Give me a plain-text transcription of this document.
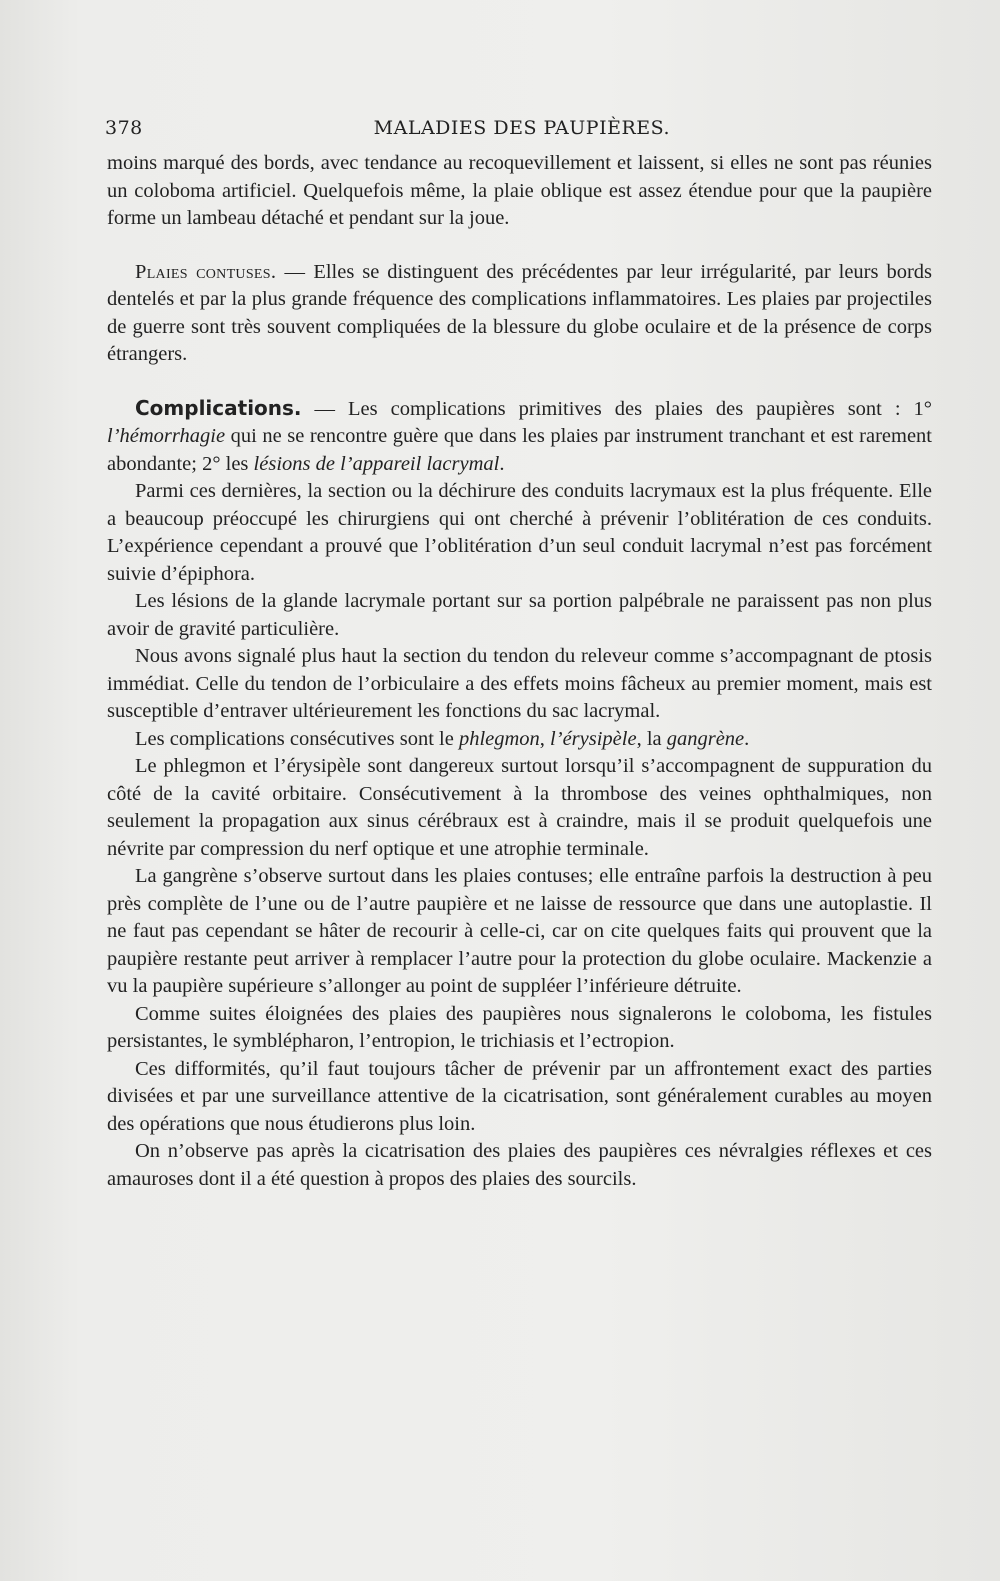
378	MALADIES DES PAUPIÈRES.

moins marqué des bords, avec tendance au recoquevillement et laissent, si elles ne sont pas réunies un coloboma artificiel. Quelquefois même, la plaie oblique est assez étendue pour que la paupière forme un lambeau détaché et pendant sur la joue.

Plaies contuses. — Elles se distinguent des précédentes par leur irrégularité, par leurs bords dentelés et par la plus grande fréquence des complications inflammatoires. Les plaies par projectiles de guerre sont très souvent compliquées de la blessure du globe oculaire et de la présence de corps étrangers.

Complications. — Les complications primitives des plaies des paupières sont : 1° l’hémorrhagie qui ne se rencontre guère que dans les plaies par instrument tranchant et est rarement abondante; 2° les lésions de l’appareil lacrymal.

Parmi ces dernières, la section ou la déchirure des conduits lacrymaux est la plus fréquente. Elle a beaucoup préoccupé les chirurgiens qui ont cherché à prévenir l’oblitération de ces conduits. L’expérience cependant a prouvé que l’oblitération d’un seul conduit lacrymal n’est pas forcément suivie d’épiphora.

Les lésions de la glande lacrymale portant sur sa portion palpébrale ne paraissent pas non plus avoir de gravité particulière.

Nous avons signalé plus haut la section du tendon du releveur comme s’accompagnant de ptosis immédiat. Celle du tendon de l’orbiculaire a des effets moins fâcheux au premier moment, mais est susceptible d’entraver ultérieurement les fonctions du sac lacrymal.

Les complications consécutives sont le phlegmon, l’érysipèle, la gangrène.

Le phlegmon et l’érysipèle sont dangereux surtout lorsqu’il s’accompagnent de suppuration du côté de la cavité orbitaire. Consécutivement à la thrombose des veines ophthalmiques, non seulement la propagation aux sinus cérébraux est à craindre, mais il se produit quelquefois une névrite par compression du nerf optique et une atrophie terminale.

La gangrène s’observe surtout dans les plaies contuses; elle entraîne parfois la destruction à peu près complète de l’une ou de l’autre paupière et ne laisse de ressource que dans une autoplastie. Il ne faut pas cependant se hâter de recourir à celle-ci, car on cite quelques faits qui prouvent que la paupière restante peut arriver à remplacer l’autre pour la protection du globe oculaire. Mackenzie a vu la paupière supérieure s’allonger au point de suppléer l’inférieure détruite.

Comme suites éloignées des plaies des paupières nous signalerons le coloboma, les fistules persistantes, le symblépharon, l’entropion, le trichiasis et l’ectropion.

Ces difformités, qu’il faut toujours tâcher de prévenir par un affrontement exact des parties divisées et par une surveillance attentive de la cicatrisation, sont généralement curables au moyen des opérations que nous étudierons plus loin.

On n’observe pas après la cicatrisation des plaies des paupières ces névralgies réflexes et ces amauroses dont il a été question à propos des plaies des sourcils.
